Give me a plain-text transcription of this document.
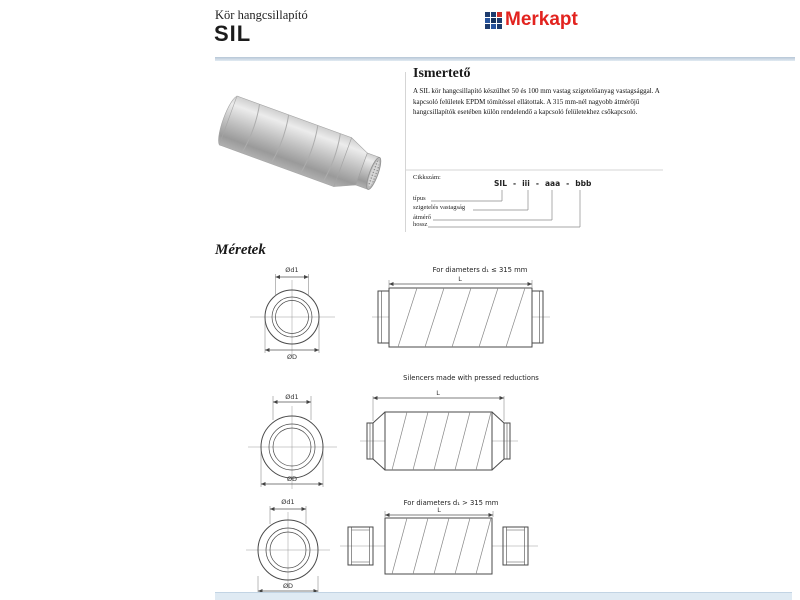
Kör hangcsillapító
SIL
Merkapt
Ismertető
A SIL kör hangcsillapító készülhet 50 és 100 mm vastag szigetelőanyag vastagsággal. A kapcsoló felületek EPDM tömítéssel ellátottak. A 315 mm-nél nagyobb átmérőjű hangcsillapítók esetében külön rendelendő a kapcsoló felületekhez csőkapcsoló.
Cikkszám:
SIL - iii - aaa - bbb
típus
szigetelés vastagság
átmérő
hossz
Méretek
Ød1
ØD
L
For diameters d₁ ≤ 315 mm
Ød1
ØD
L
Silencers made with pressed reductions
Ød1
ØD
L
For diameters d₁ > 315 mm
